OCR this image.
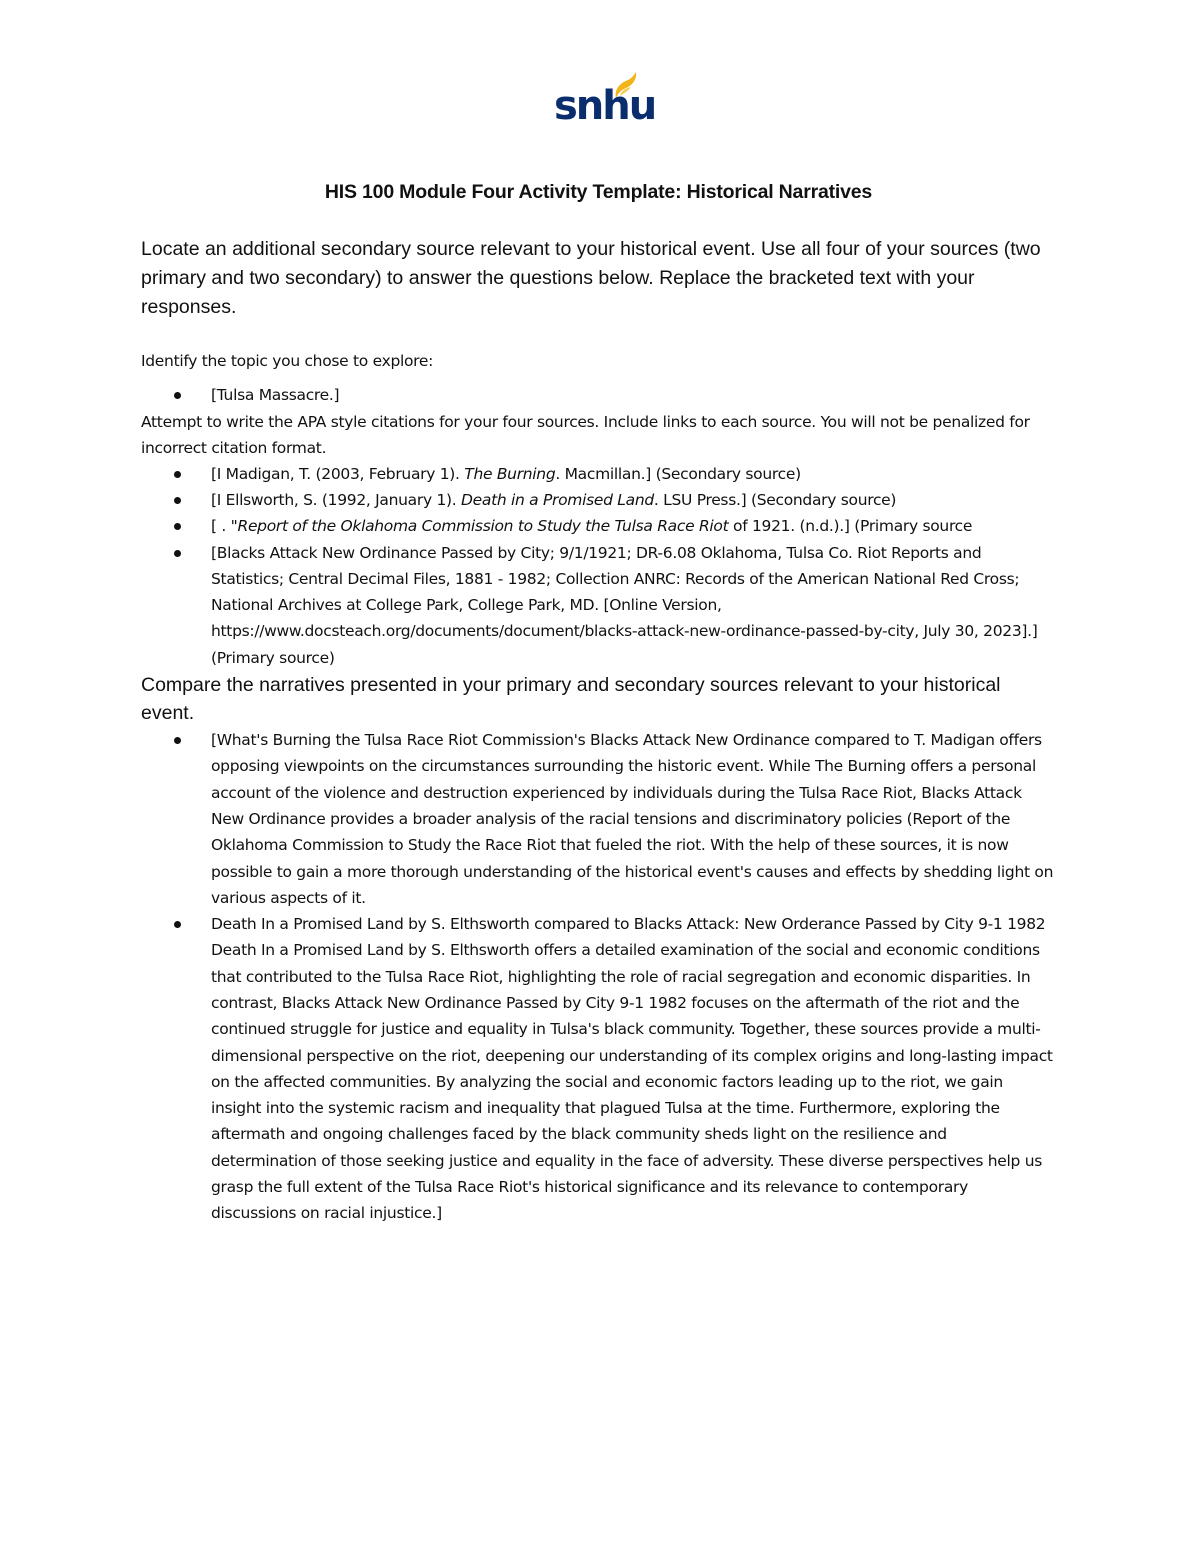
snhu
HIS 100 Module Four Activity Template: Historical Narratives

Locate an additional secondary source relevant to your historical event. Use all four of your sources (two primary and two secondary) to answer the questions below. Replace the bracketed text with your responses.

Identify the topic you chose to explore:

[Tulsa Massacre.]

Attempt to write the APA style citations for your four sources. Include links to each source. You will not be penalized for incorrect citation format.

[I Madigan, T. (2003, February 1). The Burning. Macmillan.] (Secondary source)
[I Ellsworth, S. (1992, January 1). Death in a Promised Land. LSU Press.] (Secondary source)
[ . "Report of the Oklahoma Commission to Study the Tulsa Race Riot of 1921. (n.d.).] (Primary source
[Blacks Attack New Ordinance Passed by City; 9/1/1921; DR-6.08 Oklahoma, Tulsa Co. Riot Reports and Statistics; Central Decimal Files, 1881 - 1982; Collection ANRC: Records of the American National Red Cross; National Archives at College Park, College Park, MD. [Online Version, https://www.docsteach.org/documents/document/blacks-attack-new-ordinance-passed-by-city, July 30, 2023].] (Primary source)

Compare the narratives presented in your primary and secondary sources relevant to your historical event.

[What's Burning the Tulsa Race Riot Commission's Blacks Attack New Ordinance compared to T. Madigan offers opposing viewpoints on the circumstances surrounding the historic event. While The Burning offers a personal account of the violence and destruction experienced by individuals during the Tulsa Race Riot, Blacks Attack New Ordinance provides a broader analysis of the racial tensions and discriminatory policies (Report of the Oklahoma Commission to Study the Race Riot that fueled the riot. With the help of these sources, it is now possible to gain a more thorough understanding of the historical event's causes and effects by shedding light on various aspects of it.
Death In a Promised Land by S. Elthsworth compared to Blacks Attack: New Orderance Passed by City 9-1 1982 Death In a Promised Land by S. Elthsworth offers a detailed examination of the social and economic conditions that contributed to the Tulsa Race Riot, highlighting the role of racial segregation and economic disparities. In contrast, Blacks Attack New Ordinance Passed by City 9-1 1982 focuses on the aftermath of the riot and the continued struggle for justice and equality in Tulsa's black community. Together, these sources provide a multi-dimensional perspective on the riot, deepening our understanding of its complex origins and long-lasting impact on the affected communities. By analyzing the social and economic factors leading up to the riot, we gain insight into the systemic racism and inequality that plagued Tulsa at the time. Furthermore, exploring the aftermath and ongoing challenges faced by the black community sheds light on the resilience and determination of those seeking justice and equality in the face of adversity. These diverse perspectives help us grasp the full extent of the Tulsa Race Riot's historical significance and its relevance to contemporary discussions on racial injustice.]
